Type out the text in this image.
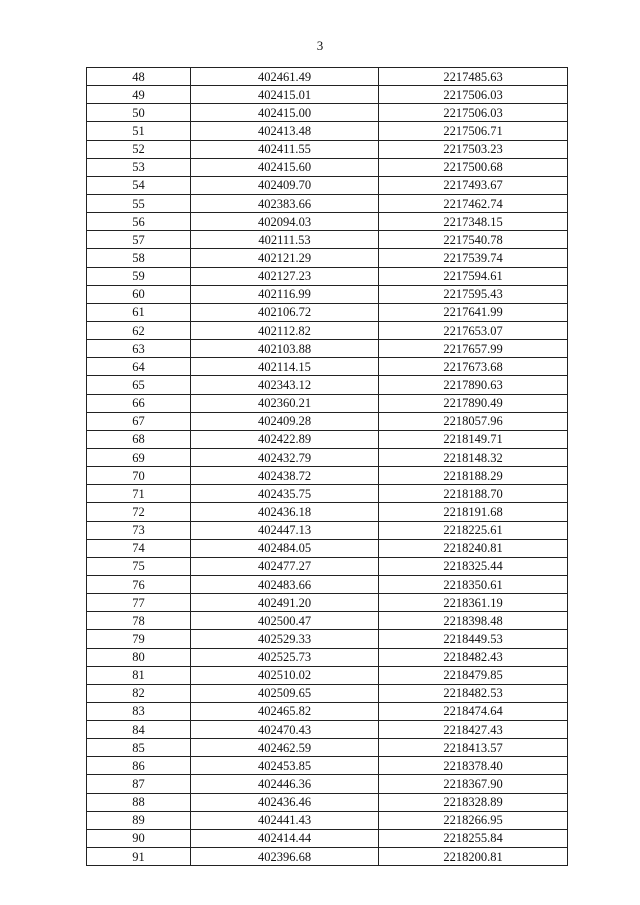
3
48	402461.49	2217485.63
49	402415.01	2217506.03
50	402415.00	2217506.03
51	402413.48	2217506.71
52	402411.55	2217503.23
53	402415.60	2217500.68
54	402409.70	2217493.67
55	402383.66	2217462.74
56	402094.03	2217348.15
57	402111.53	2217540.78
58	402121.29	2217539.74
59	402127.23	2217594.61
60	402116.99	2217595.43
61	402106.72	2217641.99
62	402112.82	2217653.07
63	402103.88	2217657.99
64	402114.15	2217673.68
65	402343.12	2217890.63
66	402360.21	2217890.49
67	402409.28	2218057.96
68	402422.89	2218149.71
69	402432.79	2218148.32
70	402438.72	2218188.29
71	402435.75	2218188.70
72	402436.18	2218191.68
73	402447.13	2218225.61
74	402484.05	2218240.81
75	402477.27	2218325.44
76	402483.66	2218350.61
77	402491.20	2218361.19
78	402500.47	2218398.48
79	402529.33	2218449.53
80	402525.73	2218482.43
81	402510.02	2218479.85
82	402509.65	2218482.53
83	402465.82	2218474.64
84	402470.43	2218427.43
85	402462.59	2218413.57
86	402453.85	2218378.40
87	402446.36	2218367.90
88	402436.46	2218328.89
89	402441.43	2218266.95
90	402414.44	2218255.84
91	402396.68	2218200.81
